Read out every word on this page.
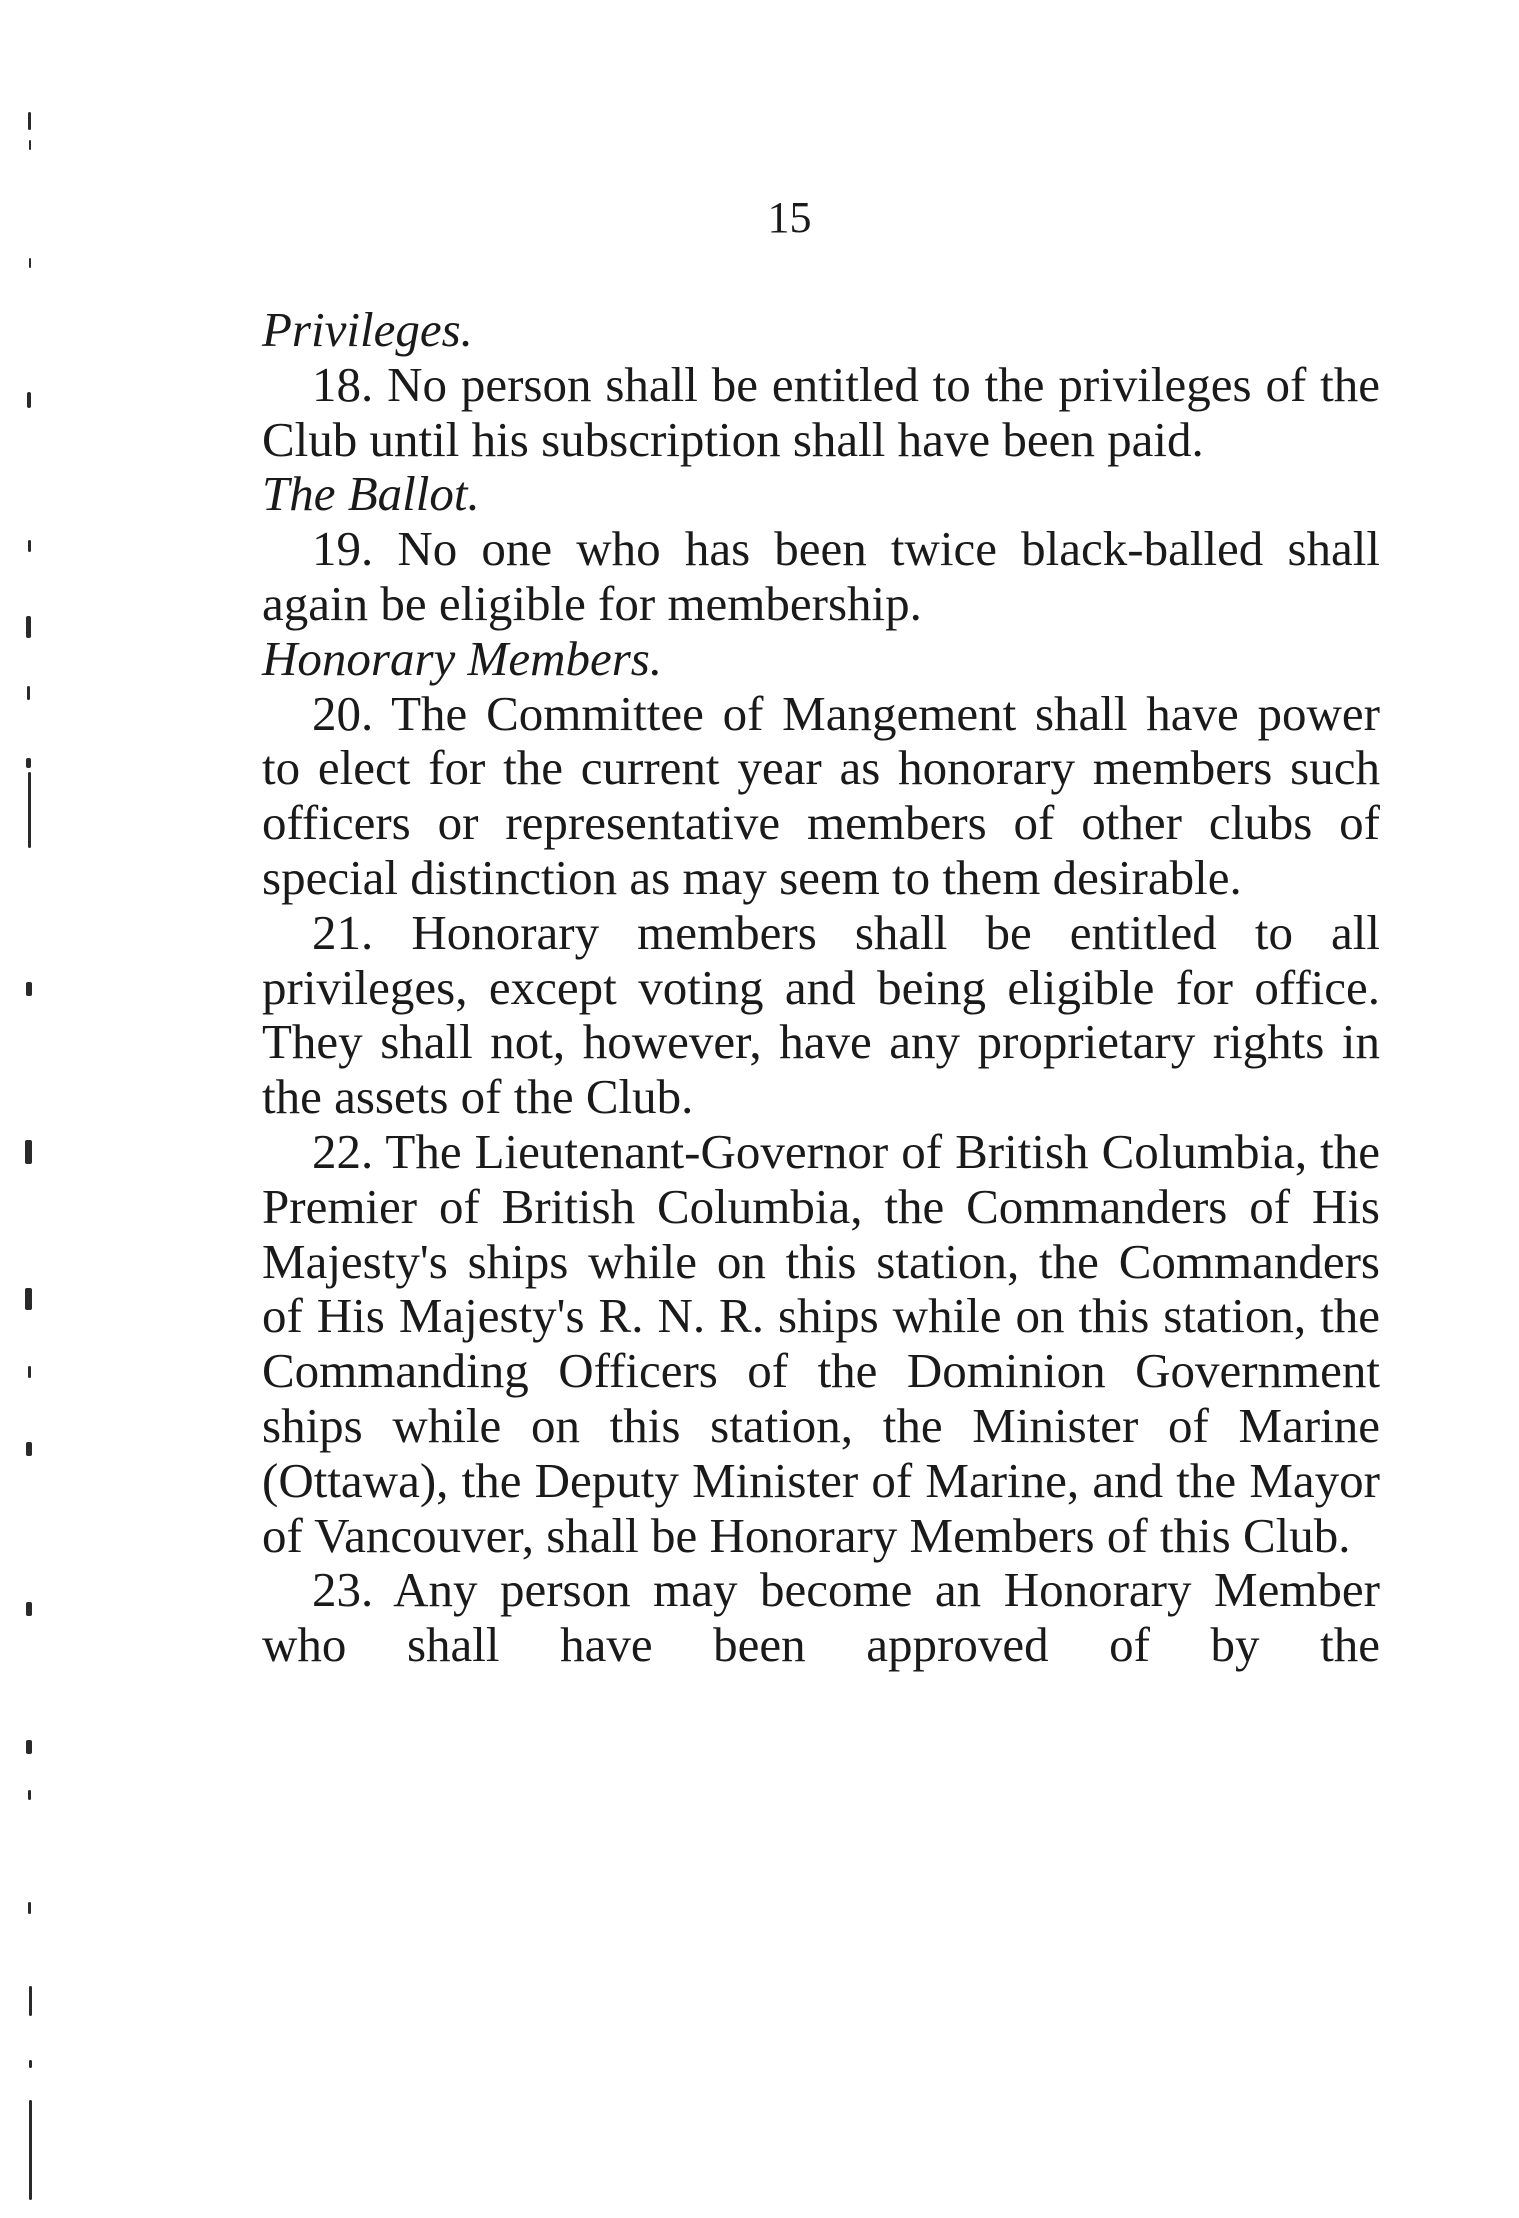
15
Privileges.

18. No person shall be entitled to the privileges of the Club until his subscription shall have been paid.

The Ballot.

19. No one who has been twice black-balled shall again be eligible for membership.

Honorary Members.

20. The Committee of Mangement shall have power to elect for the current year as honorary members such officers or representative members of other clubs of special distinction as may seem to them desirable.

21. Honorary members shall be entitled to all privileges, except voting and being eligible for office. They shall not, however, have any proprietary rights in the assets of the Club.

22. The Lieutenant-Governor of British Columbia, the Premier of British Columbia, the Commanders of His Majesty's ships while on this station, the Commanders of His Majesty's R. N. R. ships while on this station, the Commanding Officers of the Dominion Government ships while on this station, the Minister of Marine (Ottawa), the Deputy Minister of Marine, and the Mayor of Vancouver, shall be Honorary Members of this Club.

23. Any person may become an Honorary Member who shall have been approved of by the
